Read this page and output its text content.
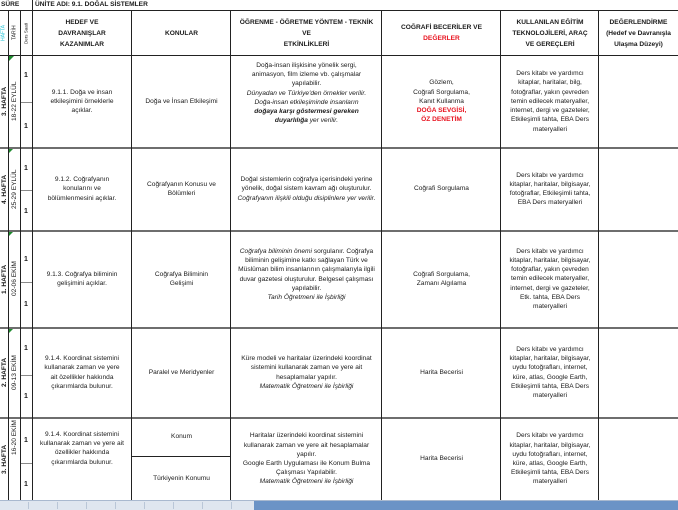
SÜRE ÜNİTE ADI: 9.1. DOĞAL SİSTEMLER
HAFTA	TARİH	Ders Saati
HEDEF VE
DAVRANIŞLAR
KAZANIMLAR
KONULAR
ÖĞRENME - ÖĞRETME YÖNTEM - TEKNİK
VE
ETKİNLİKLERİ
COĞRAFİ BECERİLER VE
DEĞERLER
KULLANILAN EĞİTİM
TEKNOLOJİLERİ, ARAÇ
VE GEREÇLERİ
DEĞERLENDİRME
(Hedef ve Davranışla
Ulaşma Düzeyi)
3. HAFTA 18-22 EYLÜL
1
1
9.1.1. Doğa ve insan etkileşimini örneklerle açıklar.
Doğa ve İnsan Etkileşimi
Doğa-insan ilişkisine yönelik sergi, animasyon, film izleme vb. çalışmalar yapılabilir.
Dünyadan ve Türkiye'den örnekler verilir.
Doğa-insan etkileşiminde insanların doğaya karşı göstermesi gereken duyarlılığa yer verilir.
Gözlem,
Coğrafi Sorgulama,
Kanıt Kullanma
DOĞA SEVGİSİ,
ÖZ DENETİM
Ders kitabı ve yardımcı kitaplar, haritalar, bilg, fotoğraflar, yakın çevreden temin edilecek materyaller, internet, dergi ve gazeteler, Etkileşimli tahta, EBA Ders materyalleri
4. HAFTA 25-29 EYLÜL
1
1
9.1.2. Coğrafyanın konularını ve bölümlenmesini açıklar.
Coğrafyanın Konusu ve Bölümleri
Doğal sistemlerin coğrafya içerisindeki yerine yönelik, doğal sistem kavram ağı oluşturulur.
Coğrafyanın ilişkili olduğu disiplinlere yer verilir.
Coğrafi Sorgulama
Ders kitabı ve yardımcı kitaplar, haritalar, bilgisayar, fotoğraflar, Etkileşimli tahta, EBA Ders materyalleri
1. HAFTA 02-06 EKİM
1
1
9.1.3. Coğrafya biliminin gelişimini açıklar.
Coğrafya Biliminin Gelişimi
Coğrafya biliminin önemi sorgulanır. Coğrafya biliminin gelişimine katkı sağlayan Türk ve Müslüman bilim insanlarının çalışmalarıyla ilgili duvar gazetesi oluşturulur. Belgesel çalışması yapılabilir.
Tarih Öğretmeni ile İşbirliği
Coğrafi Sorgulama,
Zamanı Algılama
Ders kitabı ve yardımcı kitaplar, haritalar, bilgisayar, fotoğraflar, yakın çevreden temin edilecek materyaller, internet, dergi ve gazeteler, Etk. tahta, EBA Ders materyalleri
2. HAFTA 09-13 EKİM
1
1
9.1.4. Koordinat sistemini kullanarak zaman ve yere ait özellikler hakkında çıkarımlarda bulunur.
Paralel ve Meridyenler
Küre modeli ve haritalar üzerindeki koordinat sistemini kullanarak zaman ve yere ait hesaplamalar yapılır.
Matematik Öğretmeni ile İşbirliği
Harita Becerisi
Ders kitabı ve yardımcı kitaplar, haritalar, bilgisayar, uydu fotoğrafları, internet, küre, atlas, Google Earth, Etkileşimli tahta, EBA Ders materyalleri
3. HAFTA
16-20 EKİM 1
1
9.1.4. Koordinat sistemini kullanarak zaman ve yere ait özellikler hakkında çıkarımlarda bulunur.
Konum
Türkiyenin Konumu
Haritalar üzerindeki koordinat sistemini kullanarak zaman ve yere ait hesaplamalar yapılır.
Google Earth Uygulaması ile Konum Bulma Çalışması Yapılabilir.
Matematik Öğretmeni ile İşbirliği
Harita Becerisi
Ders kitabı ve yardımcı kitaplar, haritalar, bilgisayar, uydu fotoğrafları, internet, küre, atlas, Google Earth, Etkileşimli tahta, EBA Ders materyalleri
